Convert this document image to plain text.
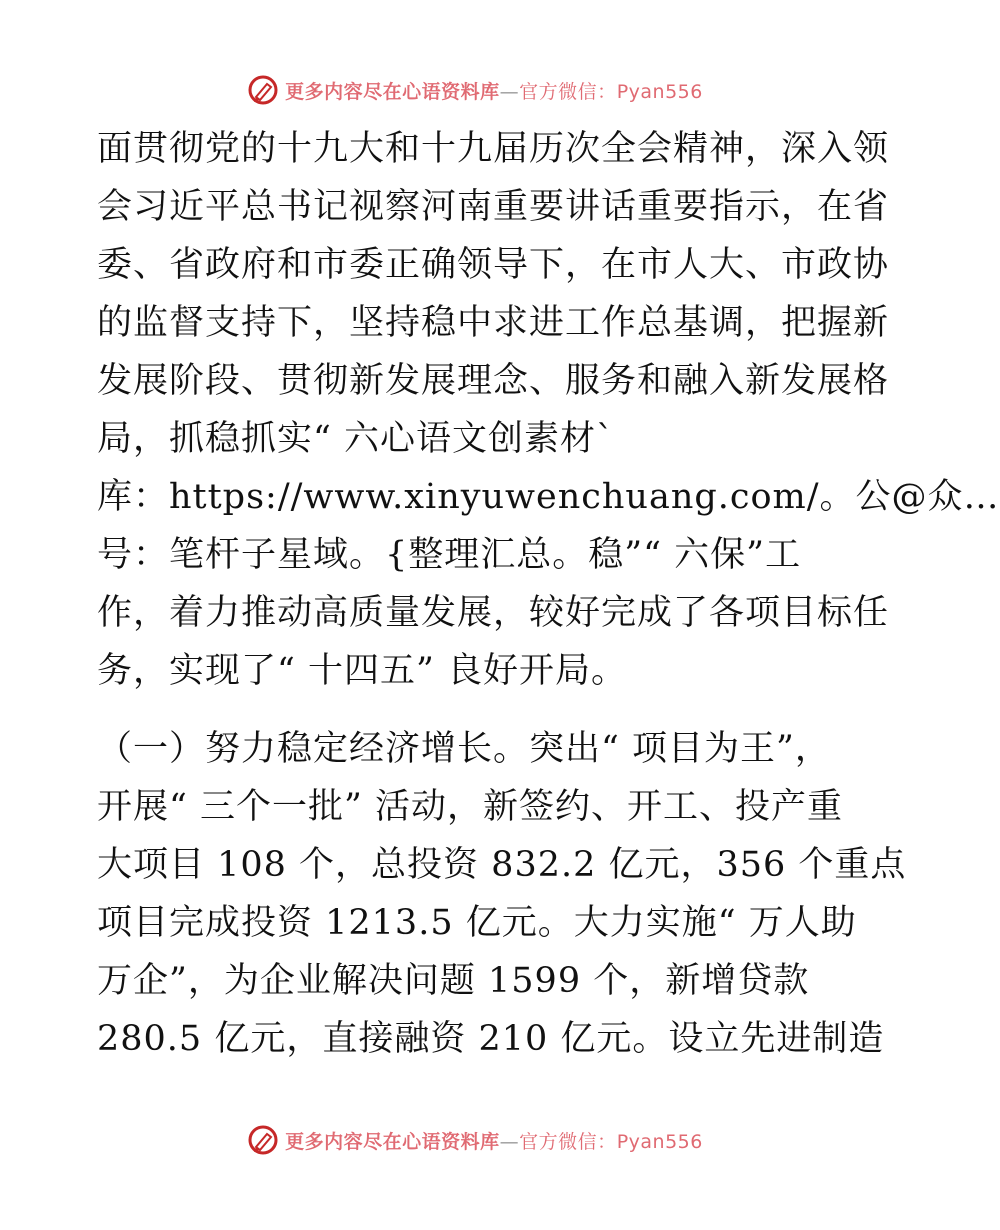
更多内容尽在心语资料库—官方微信：Pyan556
面贯彻党的十九大和十九届历次全会精神，深入领
会习近平总书记视察河南重要讲话重要指示，在省
委、省政府和市委正确领导下，在市人大、市政协
的监督支持下，坚持稳中求进工作总基调，把握新
发展阶段、贯彻新发展理念、服务和融入新发展格
局，抓稳抓实“ 六心语文创素材`
库：https://www.xinyuwenchuang.com/。公@众…
号：笔杆子星域。{整理汇总。稳”“ 六保”工
作，着力推动高质量发展，较好完成了各项目标任
务，实现了“ 十四五” 良好开局。
（一）努力稳定经济增长。突出“ 项目为王”，
开展“ 三个一批” 活动，新签约、开工、投产重
大项目 108 个，总投资 832.2 亿元，356 个重点
项目完成投资 1213.5 亿元。大力实施“ 万人助
万企”，为企业解决问题 1599 个，新增贷款
280.5 亿元，直接融资 210 亿元。设立先进制造
更多内容尽在心语资料库—官方微信：Pyan556
